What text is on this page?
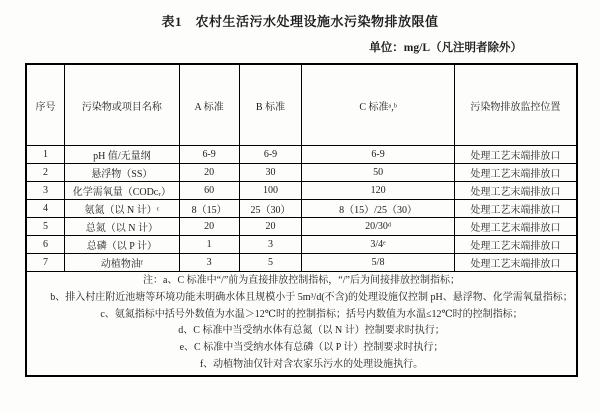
表1　农村生活污水处理设施水污染物排放限值
单位：mg/L（凡注明者除外）
序号	污染物或项目名称	A 标准	B 标准	C 标准ᵃ,ᵇ	污染物排放监控位置
1	pH 值/无量纲	6-9	6-9	6-9	处理工艺末端排放口
2	悬浮物（SS）	20	30	50	处理工艺末端排放口
3	化学需氧量（CODᴄᵣ）	60	100	120	处理工艺末端排放口
4	氨氮（以 N 计）ᶜ	8（15）	25（30）	8（15）/25（30）	处理工艺末端排放口
5	总氮（以 N 计）	20	20	20/30ᵈ	处理工艺末端排放口
6	总磷（以 P 计）	1	3	3/4ᵉ	处理工艺末端排放口
7	动植物油ᶠ	3	5	5/8	处理工艺末端排放口

注：a、C 标准中“/”前为直接排放控制指标，“/”后为间接排放控制指标；

b、排入村庄附近池塘等环境功能未明确水体且规模小于 5m³/d(不含)的处理设施仅控制 pH、悬浮物、化学需氧量指标；

c、氨氮指标中括号外数值为水温＞12℃时的控制指标；括号内数值为水温≤12℃时的控制指标；

d、C 标准中当受纳水体有总氮（以 N 计）控制要求时执行；

e、C 标准中当受纳水体有总磷（以 P 计）控制要求时执行；

f、动植物油仅针对含农家乐污水的处理设施执行。
